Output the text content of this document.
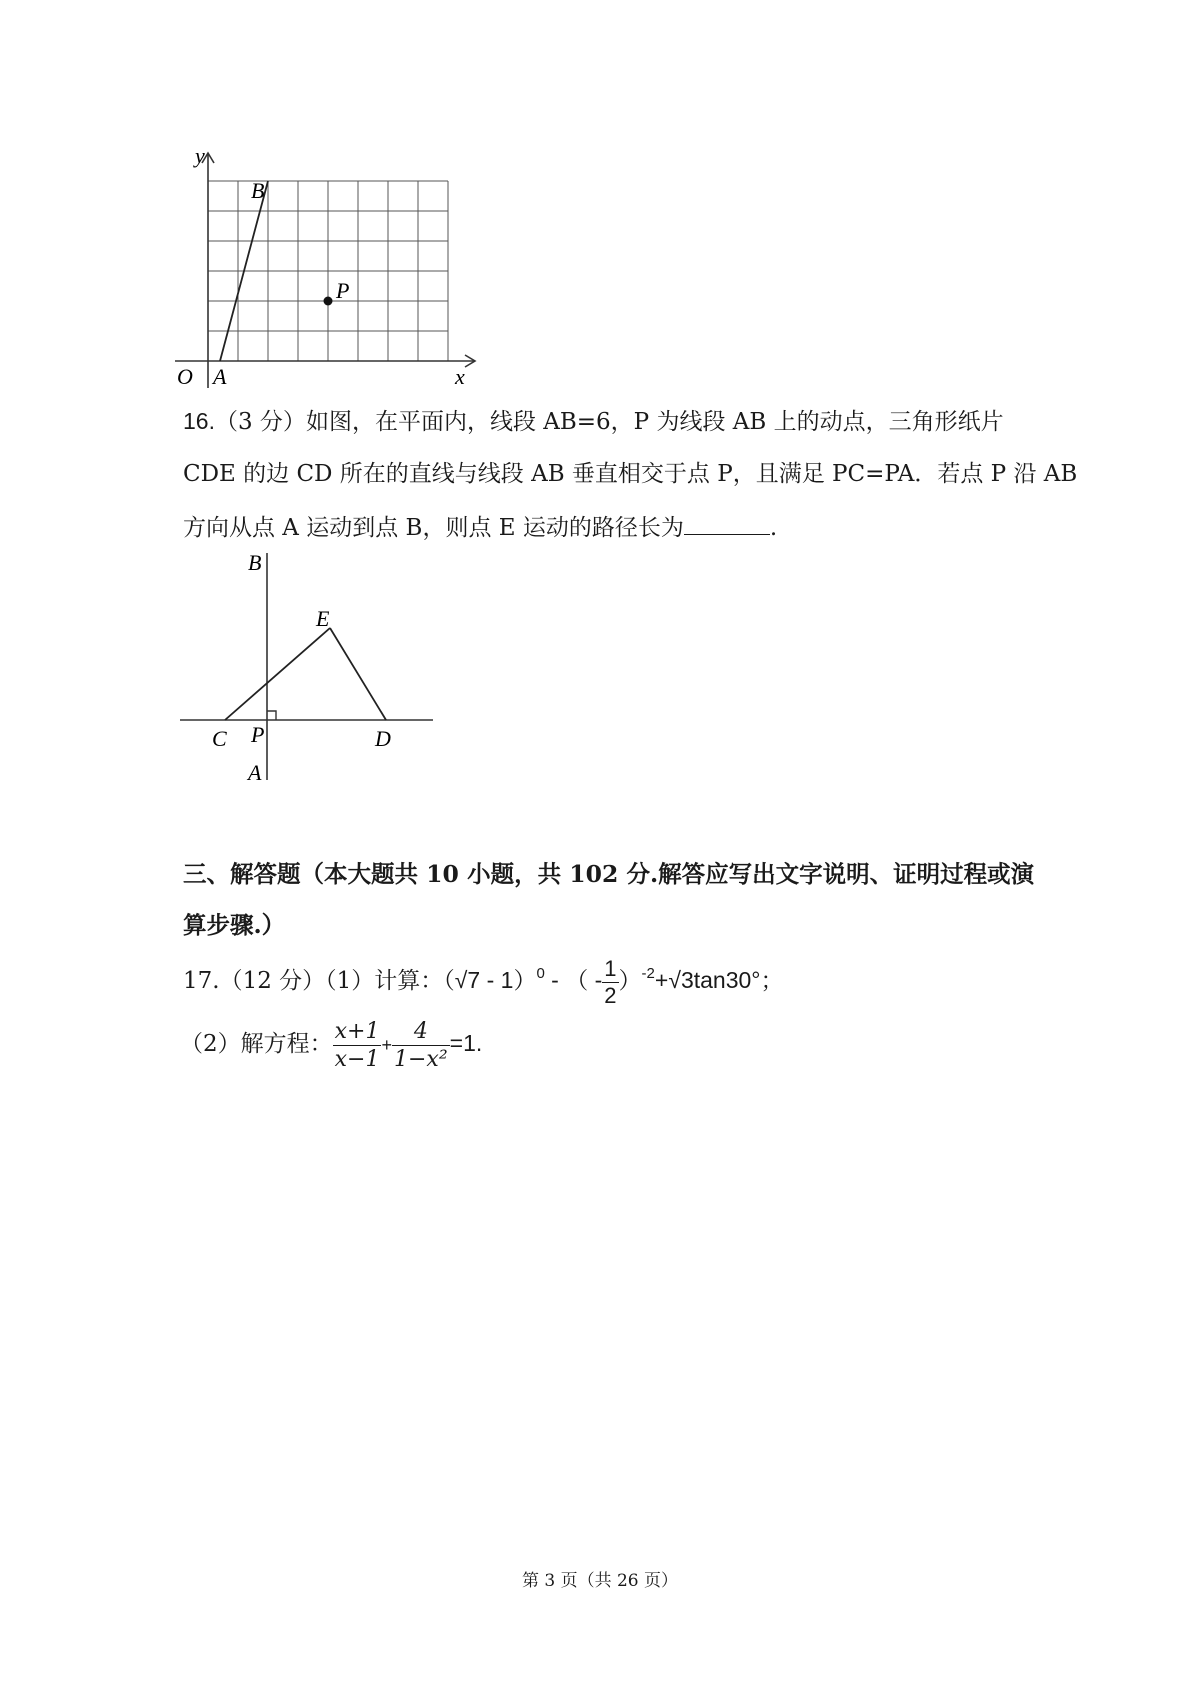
y
x
O A
B
P
16.（3 分）如图，在平面内，线段 AB=6，P 为线段 AB 上的动点，三角形纸片
CDE 的边 CD 所在的直线与线段 AB 垂直相交于点 P，且满足 PC=PA．若点 P 沿 AB
方向从点 A 运动到点 B，则点 E 运动的路径长为	.
B
E
C P	D
A
三、解答题（本大题共 10 小题，共 102 分.解答应写出文字说明、证明过程或演
算步骤.）
17.（12 分）（1）计算：（√7 - 1）$^0$ - （ - $\frac{1}{2} )^{-2}+√3\tan 30^\circ$；
（2）解方程： $\frac{x+1}{x-1} + \frac{4}{\text{1−x²}} =1$.
第 3 页（共 26 页）
